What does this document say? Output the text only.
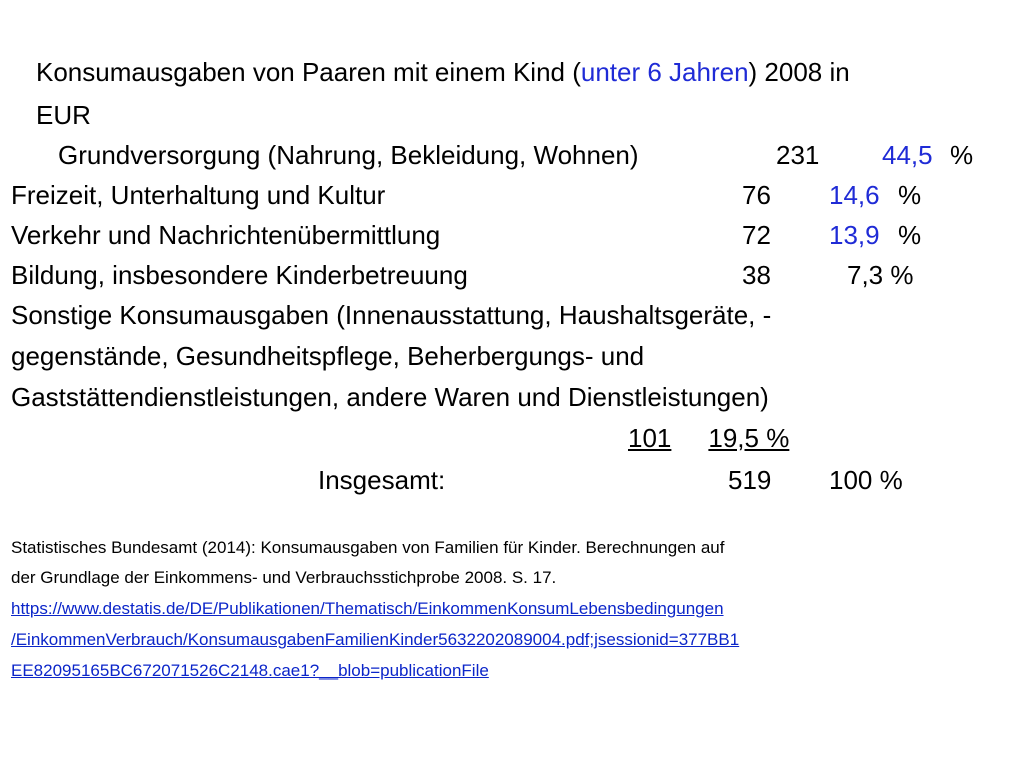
Konsumausgaben von Paaren mit einem Kind (unter 6 Jahren) 2008 in
EUR
Grundversorgung (Nahrung, Bekleidung, Wohnen)	231 44,5 %
Freizeit, Unterhaltung und Kultur	76 14,6 %
Verkehr und Nachrichtenübermittlung	72 13,9 %
Bildung, insbesondere Kinderbetreuung	38	7,3 %
Sonstige Konsumausgaben (Innenausstattung, Haushaltsgeräte, -
gegenstände, Gesundheitspflege, Beherbergungs- und
Gaststättendienstleistungen, andere Waren und Dienstleistungen)
101 19,5 %
Insgesamt:	519 100 %
Statistisches Bundesamt (2014): Konsumausgaben von Familien für Kinder. Berechnungen auf
der Grundlage der Einkommens- und Verbrauchsstichprobe 2008. S. 17.
https://www.destatis.de/DE/Publikationen/Thematisch/EinkommenKonsumLebensbedingungen
/EinkommenVerbrauch/KonsumausgabenFamilienKinder5632202089004.pdf;jsessionid=377BB1
EE82095165BC672071526C2148.cae1?__blob=publicationFile
